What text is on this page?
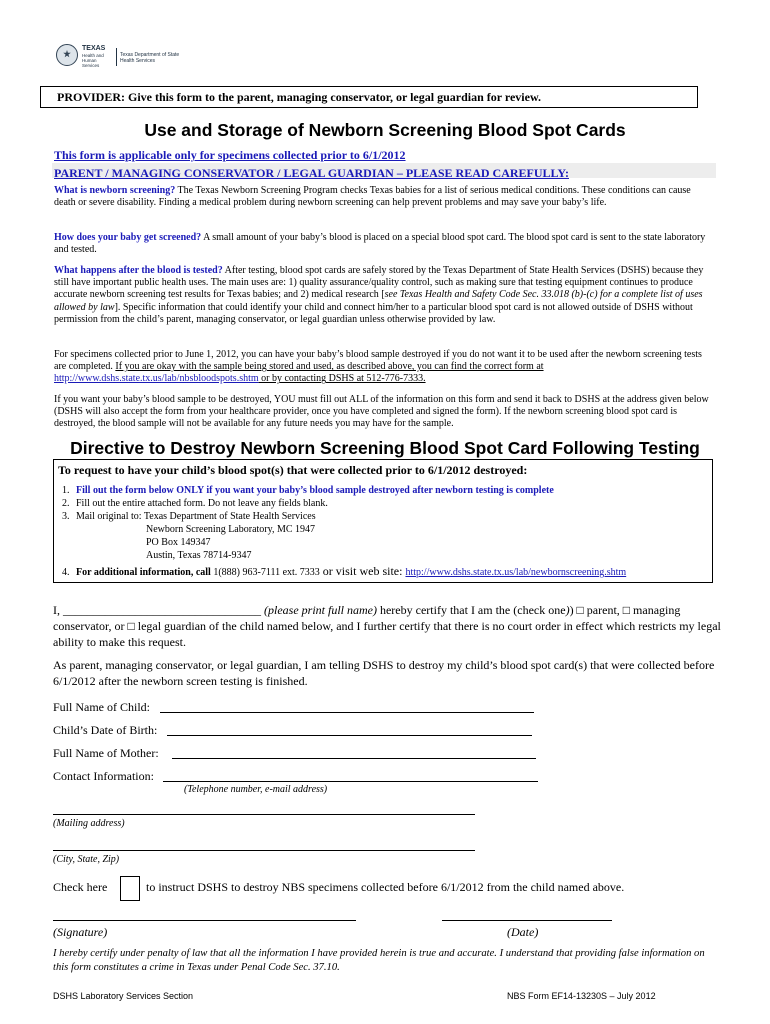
TEXAS
Health and Human Services
Texas Department of State Health Services
PROVIDER: Give this form to the parent, managing conservator, or legal guardian for review.
Use and Storage of Newborn Screening Blood Spot Cards
This form is applicable only for specimens collected prior to 6/1/2012
PARENT / MANAGING CONSERVATOR / LEGAL GUARDIAN – PLEASE READ CAREFULLY:
What is newborn screening? The Texas Newborn Screening Program checks Texas babies for a list of serious medical conditions. These conditions can cause death or severe disability. Finding a medical problem during newborn screening can help prevent problems and may save your baby’s life.
How does your baby get screened? A small amount of your baby’s blood is placed on a special blood spot card. The blood spot card is sent to the state laboratory and tested.
What happens after the blood is tested? After testing, blood spot cards are safely stored by the Texas Department of State Health Services (DSHS) because they still have important public health uses. The main uses are: 1) quality assurance/quality control, such as making sure that testing equipment continues to produce accurate newborn screening test results for Texas babies; and 2) medical research [see Texas Health and Safety Code Sec. 33.018 (b)-(c) for a complete list of uses allowed by law]. Specific information that could identify your child and connect him/her to a particular blood spot card is not allowed outside of DSHS without permission from the child’s parent, managing conservator, or legal guardian unless otherwise provided by law.
For specimens collected prior to June 1, 2012, you can have your baby’s blood sample destroyed if you do not want it to be used after the newborn screening tests are completed. If you are okay with the sample being stored and used, as described above, you can find the correct form at http://www.dshs.state.tx.us/lab/nbsbloodspots.shtm or by contacting DSHS at 512-776-7333.
If you want your baby’s blood sample to be destroyed, YOU must fill out ALL of the information on this form and send it back to DSHS at the address given below (DSHS will also accept the form from your healthcare provider, once you have completed and signed the form). If the newborn screening blood spot card is destroyed, the blood sample will not be available for any future needs you may have for the sample.
Directive to Destroy Newborn Screening Blood Spot Card Following Testing
To request to have your child’s blood spot(s) that were collected prior to 6/1/2012 destroyed:
1. Fill out the form below ONLY if you want your baby’s blood sample destroyed after newborn testing is complete
2. Fill out the entire attached form. Do not leave any fields blank.
3. Mail original to: Texas Department of State Health Services
Newborn Screening Laboratory, MC 1947
PO Box 149347
Austin, Texas 78714-9347
4. For additional information, call 1(888) 963-7111 ext. 7333 or visit web site: http://www.dshs.state.tx.us/lab/newbornscreening.shtm
I, _________________________________ (please print full name) hereby certify that I am the (check one)) □ parent, □ managing conservator, or □ legal guardian of the child named below, and I further certify that there is no court order in effect which restricts my legal ability to make this request.
As parent, managing conservator, or legal guardian, I am telling DSHS to destroy my child’s blood spot card(s) that were collected before 6/1/2012 after the newborn screen testing is finished.
Full Name of Child:
Child’s Date of Birth:
Full Name of Mother:
Contact Information:
(Telephone number, e-mail address)
(Mailing address)
(City, State, Zip)
Check here	to instruct DSHS to destroy NBS specimens collected before 6/1/2012 from the child named above.
(Signature)	(Date)
I hereby certify under penalty of law that all the information I have provided herein is true and accurate. I understand that providing false information on this form constitutes a crime in Texas under Penal Code Sec. 37.10.
DSHS Laboratory Services Section	NBS Form EF14-13230S – July 2012
